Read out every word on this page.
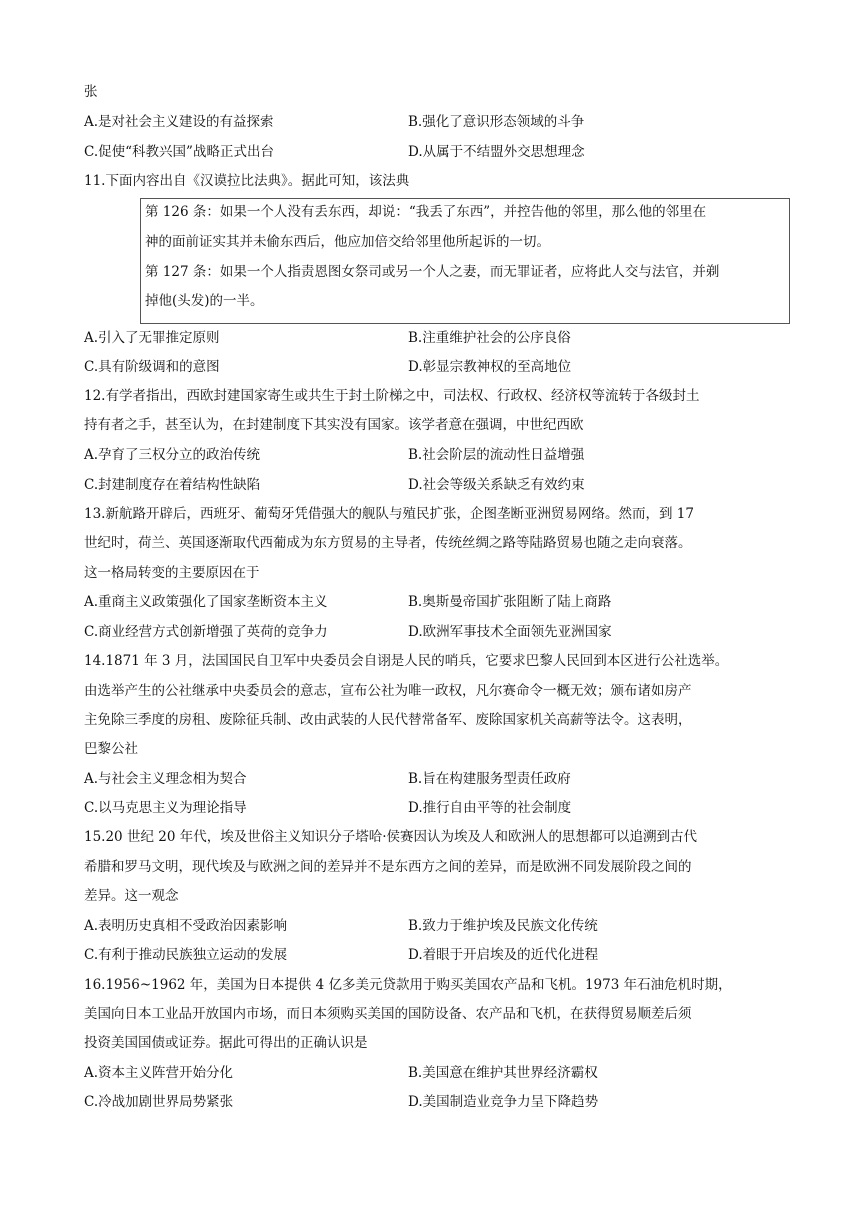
张
A.是对社会主义建设的有益探索	B.强化了意识形态领域的斗争
C.促使“科教兴国”战略正式出台	D.从属于不结盟外交思想理念
11.下面内容出自《汉谟拉比法典》。据此可知，该法典
第 126 条：如果一个人没有丢东西，却说：“我丢了东西”，并控告他的邻里，那么他的邻里在
神的面前证实其并未偷东西后，他应加倍交给邻里他所起诉的一切。
第 127 条：如果一个人指责恩图女祭司或另一个人之妻，而无罪证者，应将此人交与法官，并剃
掉他(头发)的一半。
A.引入了无罪推定原则	B.注重维护社会的公序良俗
C.具有阶级调和的意图	D.彰显宗教神权的至高地位
12.有学者指出，西欧封建国家寄生或共生于封土阶梯之中，司法权、行政权、经济权等流转于各级封土
持有者之手，甚至认为，在封建制度下其实没有国家。该学者意在强调，中世纪西欧
A.孕育了三权分立的政治传统	B.社会阶层的流动性日益增强
C.封建制度存在着结构性缺陷	D.社会等级关系缺乏有效约束
13.新航路开辟后，西班牙、葡萄牙凭借强大的舰队与殖民扩张，企图垄断亚洲贸易网络。然而，到 17
世纪时，荷兰、英国逐渐取代西葡成为东方贸易的主导者，传统丝绸之路等陆路贸易也随之走向衰落。
这一格局转变的主要原因在于
A.重商主义政策强化了国家垄断资本主义	B.奥斯曼帝国扩张阻断了陆上商路
C.商业经营方式创新增强了英荷的竞争力	D.欧洲军事技术全面领先亚洲国家
14.1871 年 3 月，法国国民自卫军中央委员会自诩是人民的哨兵，它要求巴黎人民回到本区进行公社选举。
由选举产生的公社继承中央委员会的意志，宣布公社为唯一政权，凡尔赛命令一概无效；颁布诸如房产
主免除三季度的房租、废除征兵制、改由武装的人民代替常备军、废除国家机关高薪等法令。这表明，
巴黎公社
A.与社会主义理念相为契合	B.旨在构建服务型责任政府
C.以马克思主义为理论指导	D.推行自由平等的社会制度
15.20 世纪 20 年代，埃及世俗主义知识分子塔哈·侯赛因认为埃及人和欧洲人的思想都可以追溯到古代
希腊和罗马文明，现代埃及与欧洲之间的差异并不是东西方之间的差异，而是欧洲不同发展阶段之间的
差异。这一观念
A.表明历史真相不受政治因素影响	B.致力于维护埃及民族文化传统
C.有利于推动民族独立运动的发展	D.着眼于开启埃及的近代化进程
16.1956~1962 年，美国为日本提供 4 亿多美元贷款用于购买美国农产品和飞机。1973 年石油危机时期，
美国向日本工业品开放国内市场，而日本须购买美国的国防设备、农产品和飞机，在获得贸易顺差后须
投资美国国债或证券。据此可得出的正确认识是
A.资本主义阵营开始分化	B.美国意在维护其世界经济霸权
C.冷战加剧世界局势紧张	D.美国制造业竞争力呈下降趋势
